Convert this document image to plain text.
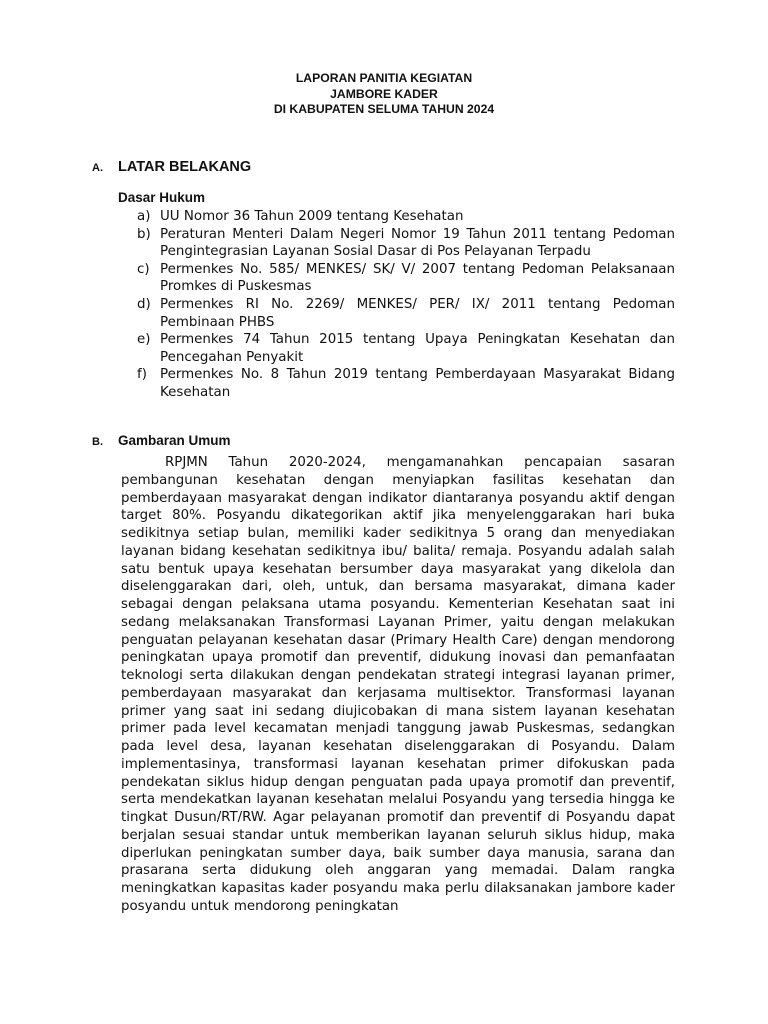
LAPORAN PANITIA KEGIATAN
JAMBORE KADER
DI KABUPATEN SELUMA TAHUN 2024
A. LATAR BELAKANG
Dasar Hukum
a) UU Nomor 36 Tahun 2009 tentang Kesehatan
b) Peraturan Menteri Dalam Negeri Nomor 19 Tahun 2011 tentang Pedoman Pengintegrasian Layanan Sosial Dasar di Pos Pelayanan Terpadu
c) Permenkes No. 585/ MENKES/ SK/ V/ 2007 tentang Pedoman Pelaksanaan Promkes di Puskesmas
d) Permenkes RI No. 2269/ MENKES/ PER/ IX/ 2011 tentang Pedoman Pembinaan PHBS
e) Permenkes 74 Tahun 2015 tentang Upaya Peningkatan Kesehatan dan Pencegahan Penyakit
f) Permenkes No. 8 Tahun 2019 tentang Pemberdayaan Masyarakat Bidang Kesehatan
B. Gambaran Umum

RPJMN Tahun 2020-2024, mengamanahkan pencapaian sasaran pembangunan kesehatan dengan menyiapkan fasilitas kesehatan dan pemberdayaan masyarakat dengan indikator diantaranya posyandu aktif dengan target 80%. Posyandu dikategorikan aktif jika menyelenggarakan hari buka sedikitnya setiap bulan, memiliki kader sedikitnya 5 orang dan menyediakan layanan bidang kesehatan sedikitnya ibu/ balita/ remaja. Posyandu adalah salah satu bentuk upaya kesehatan bersumber daya masyarakat yang dikelola dan diselenggarakan dari, oleh, untuk, dan bersama masyarakat, dimana kader sebagai dengan pelaksana utama posyandu. Kementerian Kesehatan saat ini sedang melaksanakan Transformasi Layanan Primer, yaitu dengan melakukan penguatan pelayanan kesehatan dasar (Primary Health Care) dengan mendorong peningkatan upaya promotif dan preventif, didukung inovasi dan pemanfaatan teknologi serta dilakukan dengan pendekatan strategi integrasi layanan primer, pemberdayaan masyarakat dan kerjasama multisektor. Transformasi layanan primer yang saat ini sedang diujicobakan di mana sistem layanan kesehatan primer pada level kecamatan menjadi tanggung jawab Puskesmas, sedangkan pada level desa, layanan kesehatan diselenggarakan di Posyandu. Dalam implementasinya, transformasi layanan kesehatan primer difokuskan pada pendekatan siklus hidup dengan penguatan pada upaya promotif dan preventif, serta mendekatkan layanan kesehatan melalui Posyandu yang tersedia hingga ke tingkat Dusun/RT/RW. Agar pelayanan promotif dan preventif di Posyandu dapat berjalan sesuai standar untuk memberikan layanan seluruh siklus hidup, maka diperlukan peningkatan sumber daya, baik sumber daya manusia, sarana dan prasarana serta didukung oleh anggaran yang memadai. Dalam rangka meningkatkan kapasitas kader posyandu maka perlu dilaksanakan jambore kader posyandu untuk mendorong peningkatan
